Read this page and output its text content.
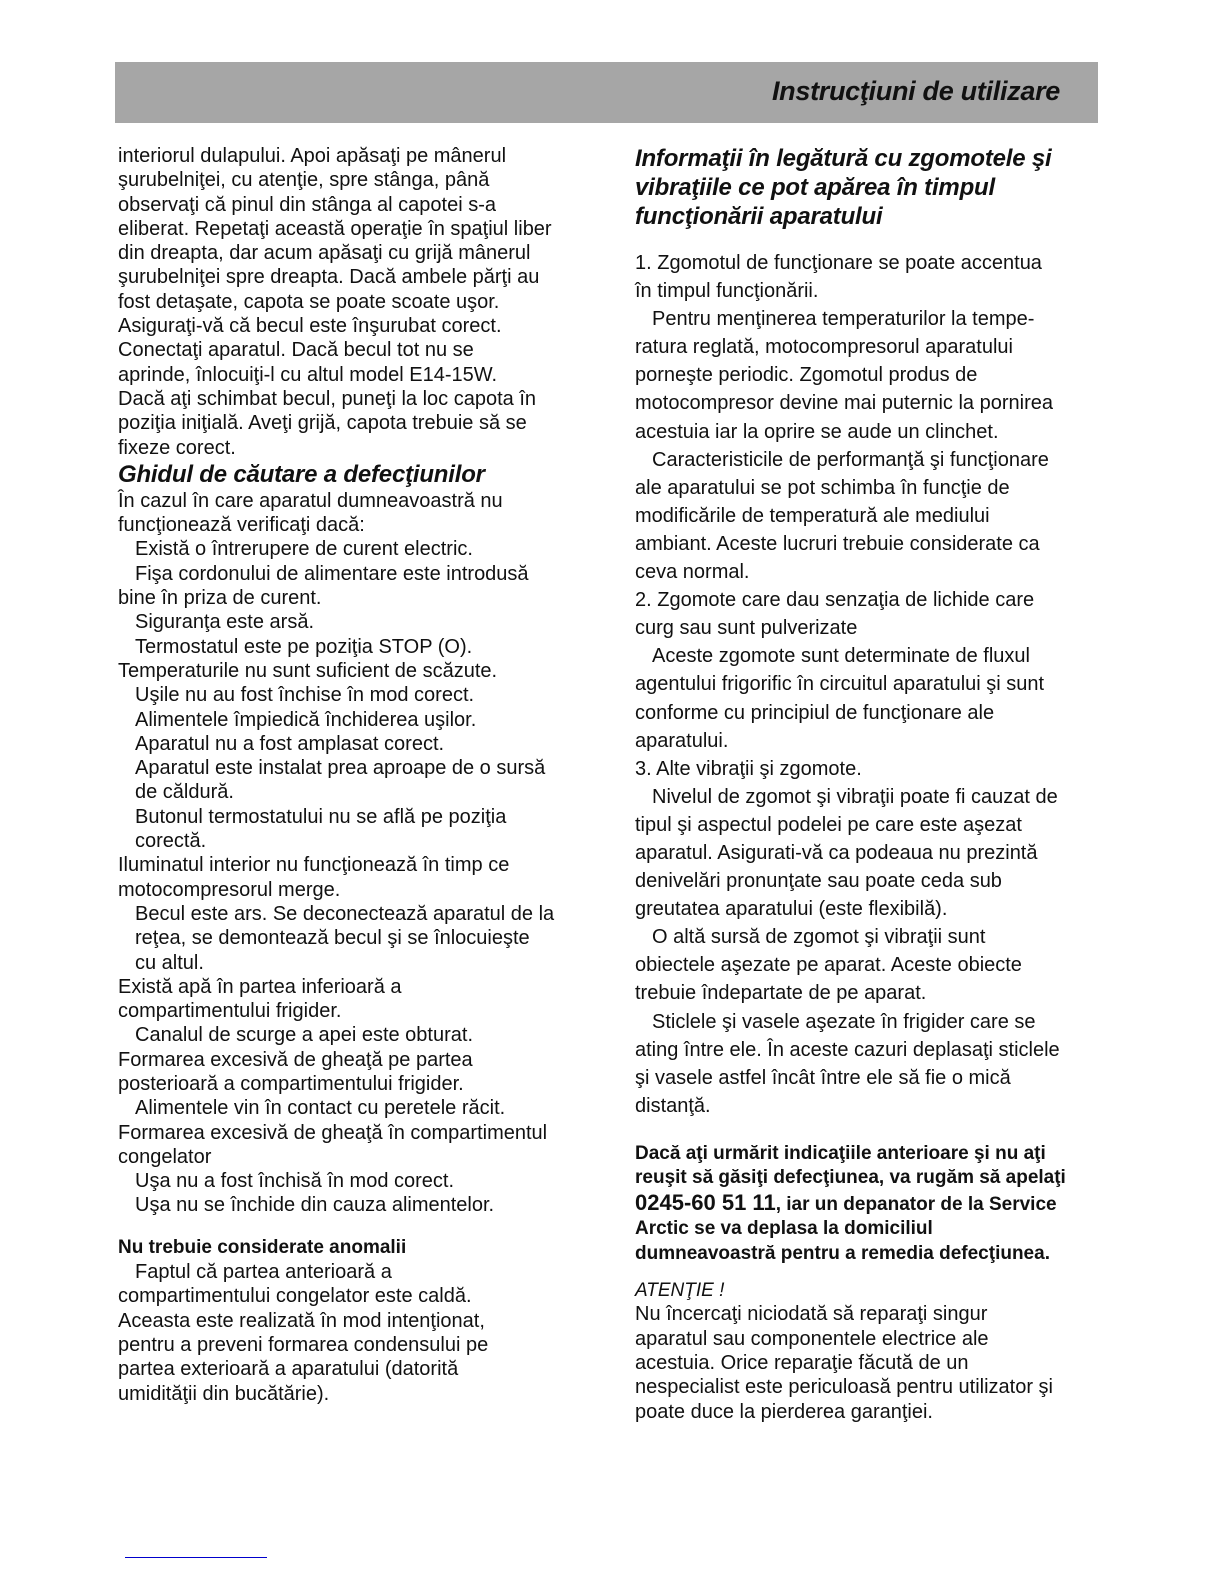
Instrucţiuni de utilizare
interiorul dulapului. Apoi apăsaţi pe mânerul
şurubelniţei, cu atenţie, spre stânga, până
observaţi că pinul din stânga al capotei s-a
eliberat. Repetaţi această operaţie în spaţiul liber
din dreapta, dar acum apăsaţi cu grijă mânerul
şurubelniţei spre dreapta. Dacă ambele părţi au
fost detaşate, capota se poate scoate uşor.
Asiguraţi-vă că becul este înşurubat corect.
Conectaţi aparatul. Dacă becul tot nu se
aprinde, înlocuiţi-l cu altul model E14-15W.
Dacă aţi schimbat becul, puneţi la loc capota în
poziţia iniţială. Aveţi grijă, capota trebuie să se
fixeze corect.
Ghidul de căutare a defecţiunilor
În cazul în care aparatul dumneavoastră nu
funcţionează verificaţi dacă:
Există o întrerupere de curent electric.
Fişa cordonului de alimentare este introdusă
bine în priza de curent.
Siguranţa este arsă.
Termostatul este pe poziţia STOP (O).
Temperaturile nu sunt suficient de scăzute.
Uşile nu au fost închise în mod corect.
Alimentele împiedică închiderea uşilor.
Aparatul nu a fost amplasat corect.
Aparatul este instalat prea aproape de o sursă
de căldură.
Butonul termostatului nu se află pe poziţia
corectă.
Iluminatul interior nu funcţionează în timp ce
motocompresorul merge.
Becul este ars. Se deconectează aparatul de la
reţea, se demontează becul şi se înlocuieşte
cu altul.
Există apă în partea inferioară a
compartimentului frigider.
Canalul de scurge a apei este obturat.
Formarea excesivă de gheaţă pe partea
posterioară a compartimentului frigider.
Alimentele vin în contact cu peretele răcit.
Formarea excesivă de gheaţă în compartimentul
congelator
Uşa nu a fost închisă în mod corect.
Uşa nu se închide din cauza alimentelor.
Nu trebuie considerate anomalii
Faptul că partea anterioară a
compartimentului congelator este caldă.
Aceasta este realizată în mod intenţionat,
pentru a preveni formarea condensului pe
partea exterioară a aparatului (datorită
umidităţii din bucătărie).
Informaţii în legătură cu zgomotele şi
vibraţiile ce pot apărea în timpul
funcţionării aparatului
1. Zgomotul de funcţionare se poate accentua
în timpul funcţionării.
Pentru menţinerea temperaturilor la tempe-
ratura reglată, motocompresorul aparatului
porneşte periodic. Zgomotul produs de
motocompresor devine mai puternic la pornirea
acestuia iar la oprire se aude un clinchet.
Caracteristicile de performanţă şi funcţionare
ale aparatului se pot schimba în funcţie de
modificările de temperatură ale mediului
ambiant. Aceste lucruri trebuie considerate ca
ceva normal.
2. Zgomote care dau senzaţia de lichide care
curg sau sunt pulverizate
Aceste zgomote sunt determinate de fluxul
agentului frigorific în circuitul aparatului şi sunt
conforme cu principiul de funcţionare ale
aparatului.
3. Alte vibraţii şi zgomote.
Nivelul de zgomot şi vibraţii poate fi cauzat de
tipul şi aspectul podelei pe care este aşezat
aparatul. Asigurati-vă ca podeaua nu prezintă
denivelări pronunţate sau poate ceda sub
greutatea aparatului (este flexibilă).
O altă sursă de zgomot şi vibraţii sunt
obiectele aşezate pe aparat. Aceste obiecte
trebuie îndepartate de pe aparat.
Sticlele şi vasele aşezate în frigider care se
ating între ele. În aceste cazuri deplasaţi sticlele
şi vasele astfel încât între ele să fie o mică
distanţă.
Dacă aţi urmărit indicaţiile anterioare şi nu aţi
reuşit să găsiţi defecţiunea, va rugăm să apelaţi
0245-60 51 11, iar un depanator de la Service
Arctic se va deplasa la domiciliul
dumneavoastră pentru a remedia defecţiunea.
ATENŢIE !
Nu încercaţi niciodată să reparaţi singur
aparatul sau componentele electrice ale
acestuia. Orice reparaţie făcută de un
nespecialist este periculoasă pentru utilizator şi
poate duce la pierderea garanţiei.
